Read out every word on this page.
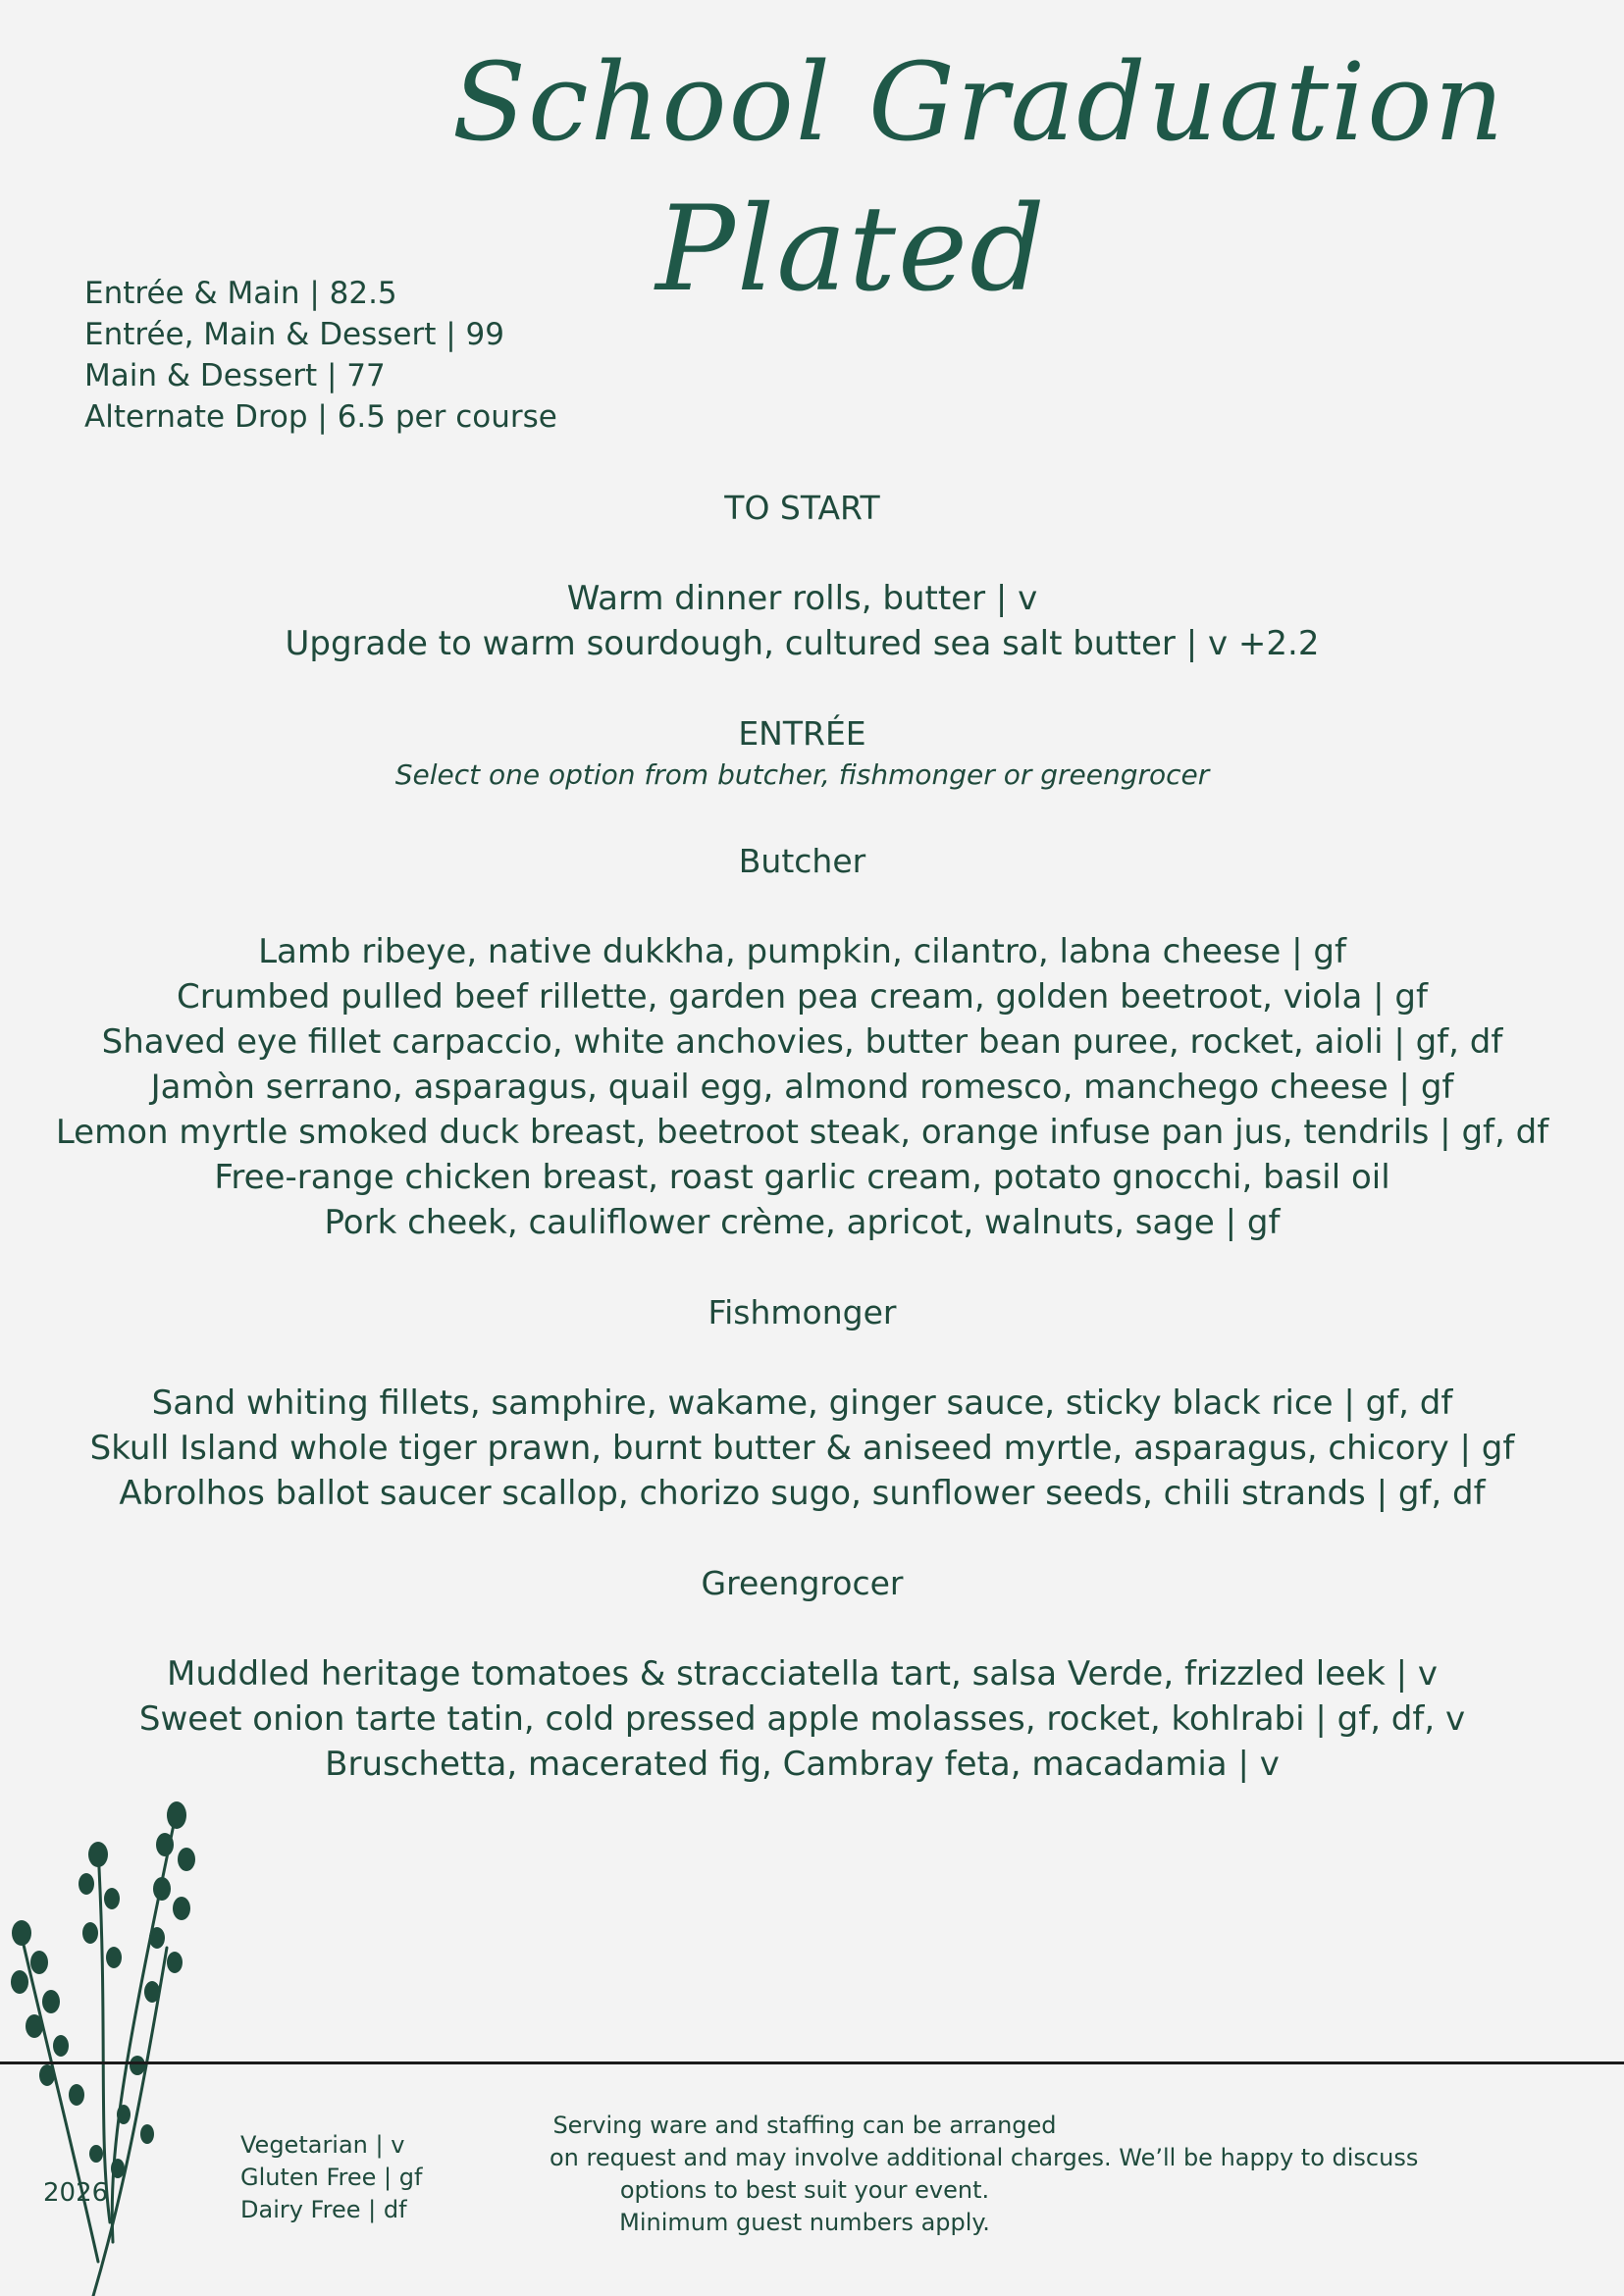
School Graduation
Plated
Entrée & Main | 82.5
Entrée, Main & Dessert | 99
Main & Dessert | 77
Alternate Drop | 6.5 per course
TO START
Warm dinner rolls, butter | v
Upgrade to warm sourdough, cultured sea salt butter | v +2.2
ENTRÉE
Select one option from butcher, fishmonger or greengrocer
Butcher
Lamb ribeye, native dukkha, pumpkin, cilantro, labna cheese | gf
Crumbed pulled beef rillette, garden pea cream, golden beetroot, viola | gf
Shaved eye fillet carpaccio, white anchovies, butter bean puree, rocket, aioli | gf, df
Jamòn serrano, asparagus, quail egg, almond romesco, manchego cheese | gf
Lemon myrtle smoked duck breast, beetroot steak, orange infuse pan jus, tendrils | gf, df
Free-range chicken breast, roast garlic cream, potato gnocchi, basil oil
Pork cheek, cauliflower crème, apricot, walnuts, sage | gf
Fishmonger
Sand whiting fillets, samphire, wakame, ginger sauce, sticky black rice | gf, df
Skull Island whole tiger prawn, burnt butter & aniseed myrtle, asparagus, chicory | gf
Abrolhos ballot saucer scallop, chorizo sugo, sunflower seeds, chili strands | gf, df
Greengrocer
Muddled heritage tomatoes & stracciatella tart, salsa Verde, frizzled leek | v
Sweet onion tarte tatin, cold pressed apple molasses, rocket, kohlrabi | gf, df, v
Bruschetta, macerated fig, Cambray feta, macadamia | v
2026
Vegetarian | v
Gluten Free | gf
Dairy Free | df
Serving ware and staffing can be arranged
on request and may involve additional charges. We’ll be happy to discuss
options to best suit your event.
Minimum guest numbers apply.
